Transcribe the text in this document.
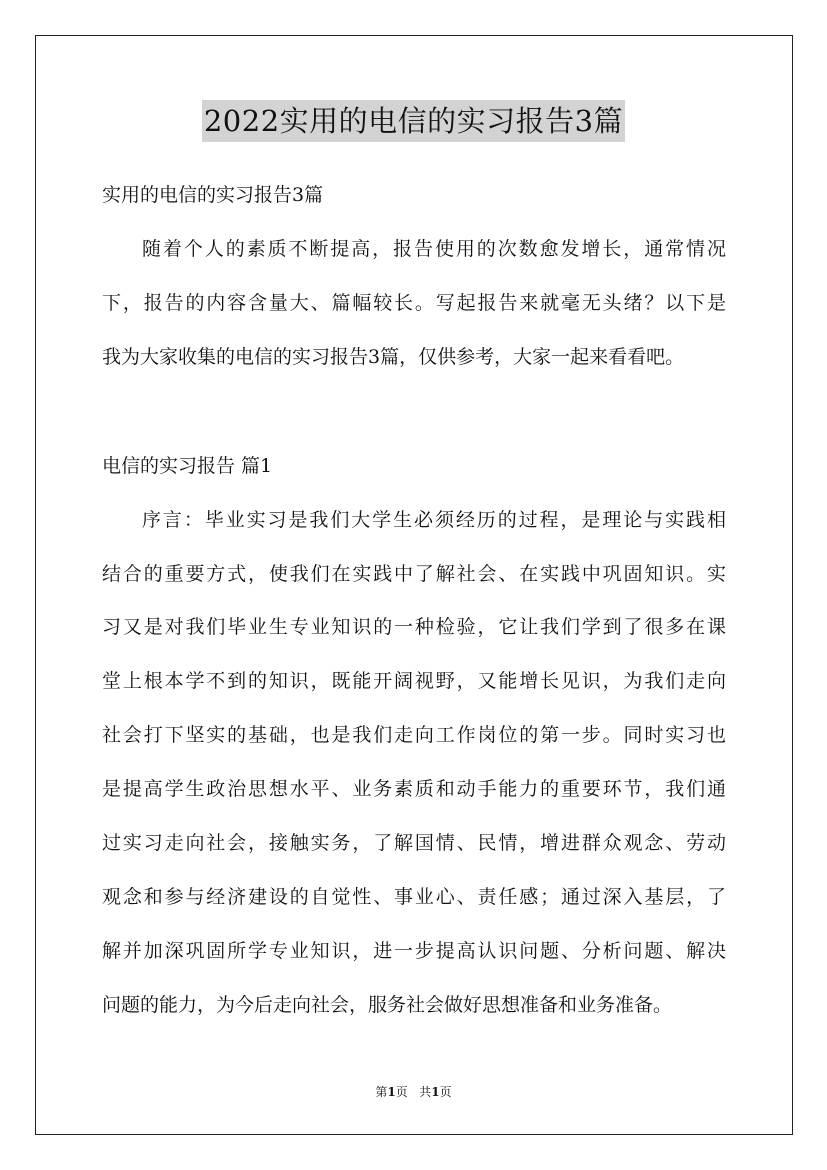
2022实用的电信的实习报告3篇
实用的电信的实习报告3篇
随着个人的素质不断提高，报告使用的次数愈发增长，通常情况
下，报告的内容含量大、篇幅较长。写起报告来就毫无头绪？以下是
我为大家收集的电信的实习报告3篇，仅供参考，大家一起来看看吧。
电信的实习报告 篇1
序言：毕业实习是我们大学生必须经历的过程，是理论与实践相
结合的重要方式，使我们在实践中了解社会、在实践中巩固知识。实
习又是对我们毕业生专业知识的一种检验，它让我们学到了很多在课
堂上根本学不到的知识，既能开阔视野，又能增长见识，为我们走向
社会打下坚实的基础，也是我们走向工作岗位的第一步。同时实习也
是提高学生政治思想水平、业务素质和动手能力的重要环节，我们通
过实习走向社会，接触实务，了解国情、民情，增进群众观念、劳动
观念和参与经济建设的自觉性、事业心、责任感；通过深入基层，了
解并加深巩固所学专业知识，进一步提高认识问题、分析问题、解决
问题的能力，为今后走向社会，服务社会做好思想准备和业务准备。
第1页 共1页
